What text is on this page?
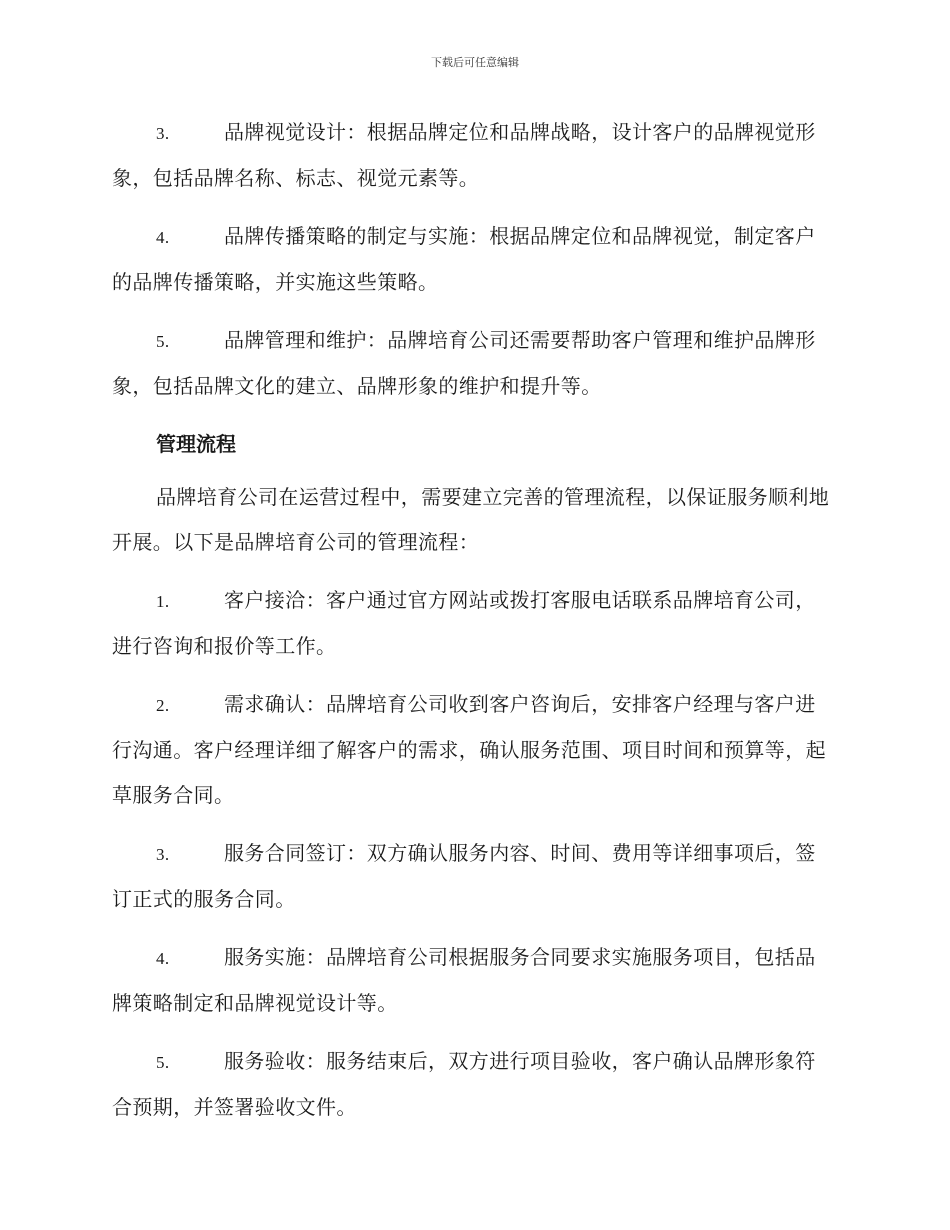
下载后可任意编辑

3.	品牌视觉设计：根据品牌定位和品牌战略，设计客户的品牌视觉形象，包括品牌名称、标志、视觉元素等。

4.	品牌传播策略的制定与实施：根据品牌定位和品牌视觉，制定客户的品牌传播策略，并实施这些策略。

5.	品牌管理和维护：品牌培育公司还需要帮助客户管理和维护品牌形象，包括品牌文化的建立、品牌形象的维护和提升等。

管理流程

品牌培育公司在运营过程中，需要建立完善的管理流程，以保证服务顺利地开展。以下是品牌培育公司的管理流程：

1.	客户接洽：客户通过官方网站或拨打客服电话联系品牌培育公司，进行咨询和报价等工作。

2.	需求确认：品牌培育公司收到客户咨询后，安排客户经理与客户进行沟通。客户经理详细了解客户的需求，确认服务范围、项目时间和预算等，起草服务合同。

3.	服务合同签订：双方确认服务内容、时间、费用等详细事项后，签订正式的服务合同。

4.	服务实施：品牌培育公司根据服务合同要求实施服务项目，包括品牌策略制定和品牌视觉设计等。

5.	服务验收：服务结束后，双方进行项目验收，客户确认品牌形象符合预期，并签署验收文件。
